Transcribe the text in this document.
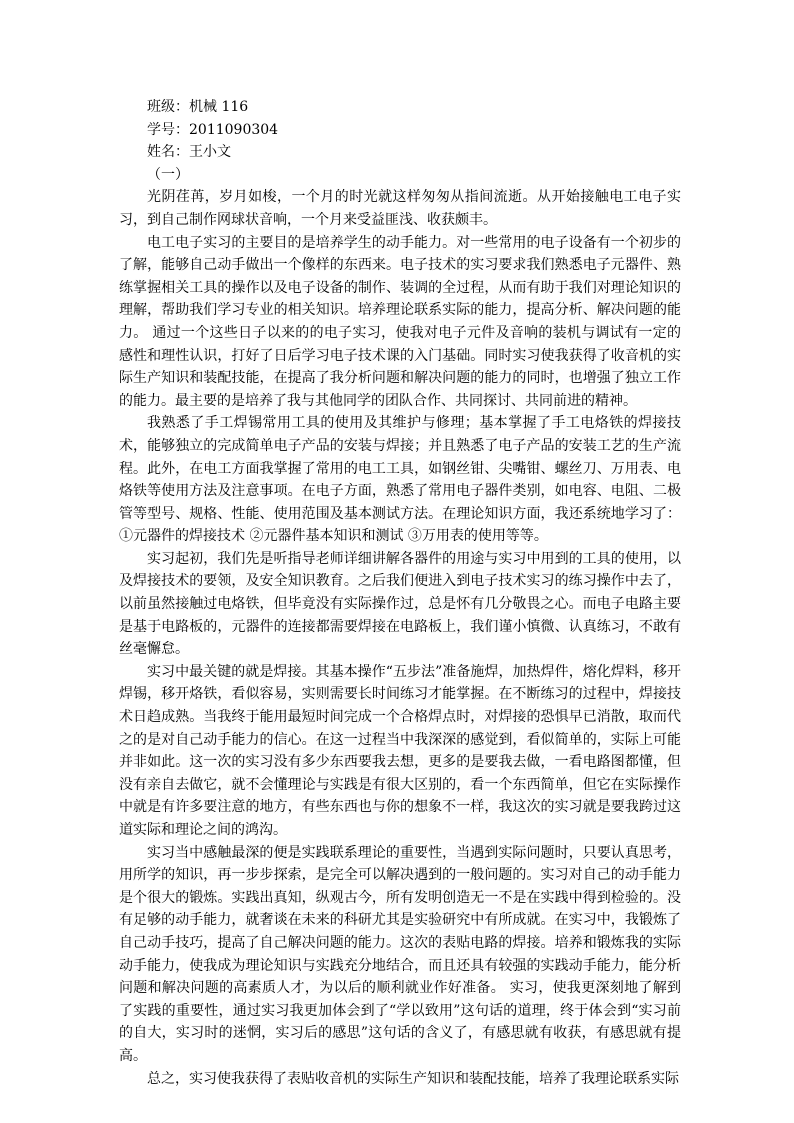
班级：机械 116

学号：2011090304

姓名：王小文

（一）

光阴荏苒，岁月如梭，一个月的时光就这样匆匆从指间流逝。从开始接触电工电子实习，到自己制作网球状音响，一个月来受益匪浅、收获颇丰。

电工电子实习的主要目的是培养学生的动手能力。对一些常用的电子设备有一个初步的了解，能够自己动手做出一个像样的东西来。电子技术的实习要求我们熟悉电子元器件、熟练掌握相关工具的操作以及电子设备的制作、装调的全过程，从而有助于我们对理论知识的理解，帮助我们学习专业的相关知识。培养理论联系实际的能力，提高分析、解决问题的能力。 通过一个这些日子以来的的电子实习，使我对电子元件及音响的装机与调试有一定的感性和理性认识，打好了日后学习电子技术课的入门基础。同时实习使我获得了收音机的实际生产知识和装配技能，在提高了我分析问题和解决问题的能力的同时，也增强了独立工作的能力。最主要的是培养了我与其他同学的团队合作、共同探讨、共同前进的精神。

我熟悉了手工焊锡常用工具的使用及其维护与修理；基本掌握了手工电烙铁的焊接技术，能够独立的完成简单电子产品的安装与焊接；并且熟悉了电子产品的安装工艺的生产流程。此外，在电工方面我掌握了常用的电工工具，如钢丝钳、尖嘴钳、螺丝刀、万用表、电烙铁等使用方法及注意事项。在电子方面，熟悉了常用电子器件类别，如电容、电阻、二极管等型号、规格、性能、使用范围及基本测试方法。在理论知识方面，我还系统地学习了：①元器件的焊接技术 ②元器件基本知识和测试 ③万用表的使用等等。

实习起初，我们先是听指导老师详细讲解各器件的用途与实习中用到的工具的使用，以及焊接技术的要领，及安全知识教育。之后我们便进入到电子技术实习的练习操作中去了，以前虽然接触过电烙铁，但毕竟没有实际操作过，总是怀有几分敬畏之心。而电子电路主要是基于电路板的，元器件的连接都需要焊接在电路板上，我们谨小慎微、认真练习，不敢有丝毫懈怠。

实习中最关键的就是焊接。其基本操作“五步法”准备施焊，加热焊件，熔化焊料，移开焊锡，移开烙铁，看似容易，实则需要长时间练习才能掌握。在不断练习的过程中，焊接技术日趋成熟。当我终于能用最短时间完成一个合格焊点时，对焊接的恐惧早已消散，取而代之的是对自己动手能力的信心。在这一过程当中我深深的感觉到，看似简单的，实际上可能并非如此。这一次的实习没有多少东西要我去想，更多的是要我去做，一看电路图都懂，但没有亲自去做它，就不会懂理论与实践是有很大区别的，看一个东西简单，但它在实际操作中就是有许多要注意的地方，有些东西也与你的想象不一样，我这次的实习就是要我跨过这道实际和理论之间的鸿沟。

实习当中感触最深的便是实践联系理论的重要性，当遇到实际问题时，只要认真思考，用所学的知识，再一步步探索，是完全可以解决遇到的一般问题的。实习对自己的动手能力是个很大的锻炼。实践出真知，纵观古今，所有发明创造无一不是在实践中得到检验的。没有足够的动手能力，就奢谈在未来的科研尤其是实验研究中有所成就。在实习中，我锻炼了自己动手技巧，提高了自己解决问题的能力。这次的表贴电路的焊接。培养和锻炼我的实际动手能力，使我成为理论知识与实践充分地结合，而且还具有较强的实践动手能力，能分析问题和解决问题的高素质人才，为以后的顺利就业作好准备。 实习，使我更深刻地了解到了实践的重要性，通过实习我更加体会到了“学以致用”这句话的道理，终于体会到“实习前的自大，实习时的迷惘，实习后的感思”这句话的含义了，有感思就有收获，有感思就有提高。

总之，实习使我获得了表贴收音机的实际生产知识和装配技能，培养了我理论联系实际
